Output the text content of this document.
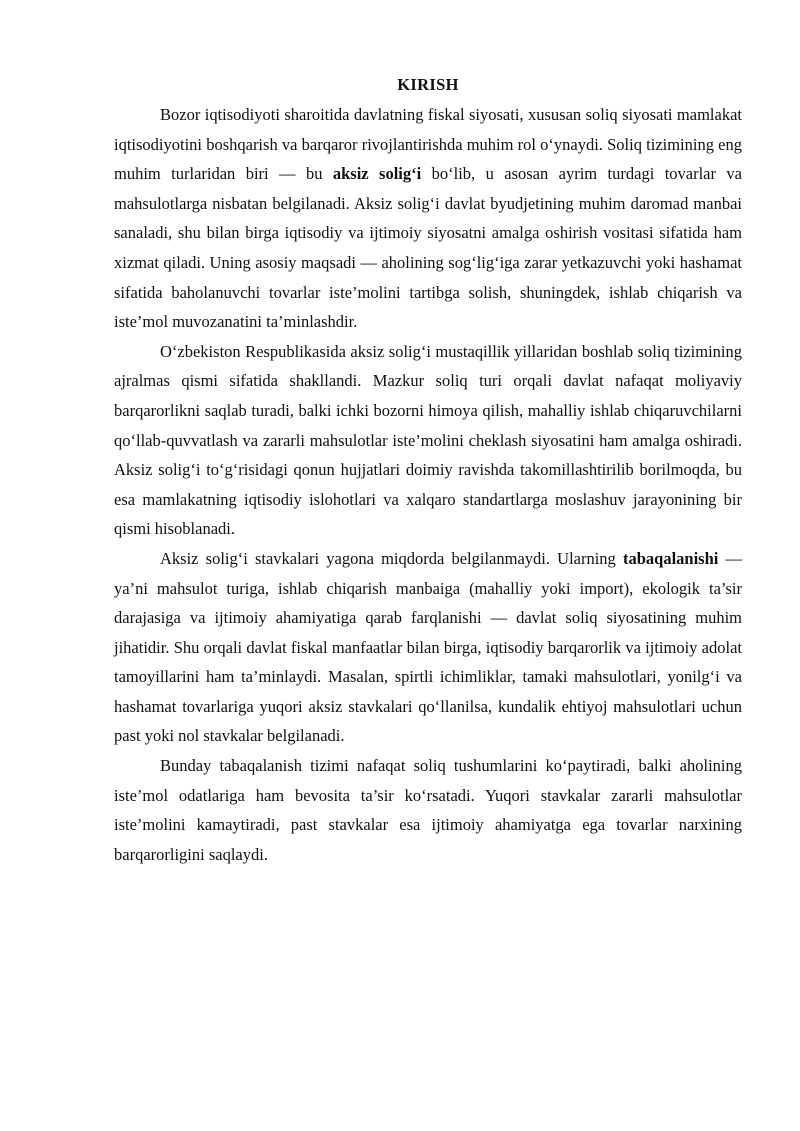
KIRISH

Bozor iqtisodiyoti sharoitida davlatning fiskal siyosati, xususan soliq siyosati mamlakat iqtisodiyotini boshqarish va barqaror rivojlantirishda muhim rol o‘ynaydi. Soliq tizimining eng muhim turlaridan biri — bu aksiz solig‘i bo‘lib, u asosan ayrim turdagi tovarlar va mahsulotlarga nisbatan belgilanadi. Aksiz solig‘i davlat byudjetining muhim daromad manbai sanaladi, shu bilan birga iqtisodiy va ijtimoiy siyosatni amalga oshirish vositasi sifatida ham xizmat qiladi. Uning asosiy maqsadi — aholining sog‘lig‘iga zarar yetkazuvchi yoki hashamat sifatida baholanuvchi tovarlar iste’molini tartibga solish, shuningdek, ishlab chiqarish va iste’mol muvozanatini ta’minlashdir.

O‘zbekiston Respublikasida aksiz solig‘i mustaqillik yillaridan boshlab soliq tizimining ajralmas qismi sifatida shakllandi. Mazkur soliq turi orqali davlat nafaqat moliyaviy barqarorlikni saqlab turadi, balki ichki bozorni himoya qilish, mahalliy ishlab chiqaruvchilarni qo‘llab-quvvatlash va zararli mahsulotlar iste’molini cheklash siyosatini ham amalga oshiradi. Aksiz solig‘i to‘g‘risidagi qonun hujjatlari doimiy ravishda takomillashtirilib borilmoqda, bu esa mamlakatning iqtisodiy islohotlari va xalqaro standartlarga moslashuv jarayonining bir qismi hisoblanadi.

Aksiz solig‘i stavkalari yagona miqdorda belgilanmaydi. Ularning tabaqalanishi — ya’ni mahsulot turiga, ishlab chiqarish manbaiga (mahalliy yoki import), ekologik ta’sir darajasiga va ijtimoiy ahamiyatiga qarab farqlanishi — davlat soliq siyosatining muhim jihatidir. Shu orqali davlat fiskal manfaatlar bilan birga, iqtisodiy barqarorlik va ijtimoiy adolat tamoyillarini ham ta’minlaydi. Masalan, spirtli ichimliklar, tamaki mahsulotlari, yonilg‘i va hashamat tovarlariga yuqori aksiz stavkalari qo‘llanilsa, kundalik ehtiyoj mahsulotlari uchun past yoki nol stavkalar belgilanadi.

Bunday tabaqalanish tizimi nafaqat soliq tushumlarini ko‘paytiradi, balki aholining iste’mol odatlariga ham bevosita ta’sir ko‘rsatadi. Yuqori stavkalar zararli mahsulotlar iste’molini kamaytiradi, past stavkalar esa ijtimoiy ahamiyatga ega tovarlar narxining barqarorligini saqlaydi.
